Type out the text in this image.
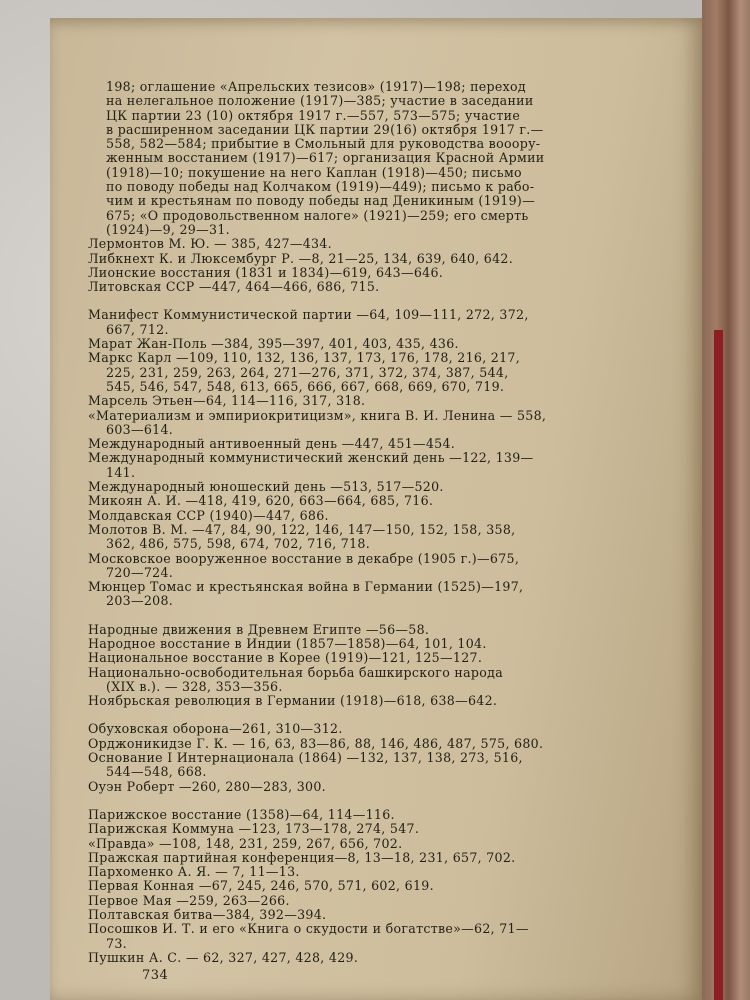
198; оглашение «Апрельских тезисов» (1917)—198; переход
на нелегальное положение (1917)—385; участие в заседании
ЦК партии 23 (10) октября 1917 г.—557, 573—575; участие
в расширенном заседании ЦК партии 29(16) октября 1917 г.—
558, 582—584; прибытие в Смольный для руководства вооору-
женным восстанием (1917)—617; организация Красной Армии
(1918)—10; покушение на него Каплан (1918)—450; письмо
по поводу победы над Колчаком (1919)—449); письмо к рабо-
чим и крестьянам по поводу победы над Деникиным (1919)—
675; «О продовольственном налоге» (1921)—259; его смерть
(1924)—9, 29—31.
Лермонтов М. Ю. — 385, 427—434.
Либкнехт К. и Люксембург Р. —8, 21—25, 134, 639, 640, 642.
Лионские восстания (1831 и 1834)—619, 643—646.
Литовская ССР —447, 464—466, 686, 715.
Манифест Коммунистической партии —64, 109—111, 272, 372,
667, 712.
Марат Жан-Поль —384, 395—397, 401, 403, 435, 436.
Маркс Карл —109, 110, 132, 136, 137, 173, 176, 178, 216, 217,
225, 231, 259, 263, 264, 271—276, 371, 372, 374, 387, 544,
545, 546, 547, 548, 613, 665, 666, 667, 668, 669, 670, 719.
Марсель Этьен—64, 114—116, 317, 318.
«Материализм и эмпириокритицизм», книга В. И. Ленина — 558,
603—614.
Международный антивоенный день —447, 451—454.
Международный коммунистический женский день —122, 139—
141.
Международный юношеский день —513, 517—520.
Микоян А. И. —418, 419, 620, 663—664, 685, 716.
Молдавская ССР (1940)—447, 686.
Молотов В. М. —47, 84, 90, 122, 146, 147—150, 152, 158, 358,
362, 486, 575, 598, 674, 702, 716, 718.
Московское вооруженное восстание в декабре (1905 г.)—675,
720—724.
Мюнцер Томас и крестьянская война в Германии (1525)—197,
203—208.
Народные движения в Древнем Египте —56—58.
Народное восстание в Индии (1857—1858)—64, 101, 104.
Национальное восстание в Корее (1919)—121, 125—127.
Национально-освободительная борьба башкирского народа
(XIX в.). — 328, 353—356.
Ноябрьская революция в Германии (1918)—618, 638—642.
Обуховская оборона—261, 310—312.
Орджоникидзе Г. К. — 16, 63, 83—86, 88, 146, 486, 487, 575, 680.
Основание I Интернационала (1864) —132, 137, 138, 273, 516,
544—548, 668.
Оуэн Роберт —260, 280—283, 300.
Парижское восстание (1358)—64, 114—116.
Парижская Коммуна —123, 173—178, 274, 547.
«Правда» —108, 148, 231, 259, 267, 656, 702.
Пражская партийная конференция—8, 13—18, 231, 657, 702.
Пархоменко А. Я. — 7, 11—13.
Первая Конная —67, 245, 246, 570, 571, 602, 619.
Первое Мая —259, 263—266.
Полтавская битва—384, 392—394.
Посошков И. Т. и его «Книга о скудости и богатстве»—62, 71—
73.
Пушкин А. С. — 62, 327, 427, 428, 429.
734
